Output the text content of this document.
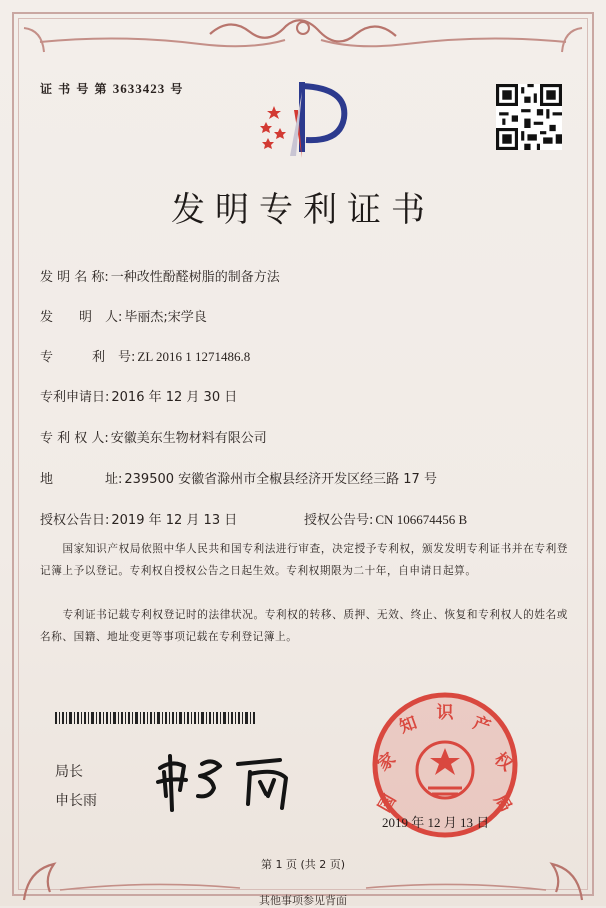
证 书 号 第 3633423 号
发明专利证书
发 明 名 称: 一种改性酚醛树脂的制备方法
发　　明　人: 毕丽杰;宋学良
专　　　利　号: ZL 2016 1 1271486.8
专利申请日: 2016 年 12 月 30 日
专 利 权 人: 安徽美东生物材料有限公司
地　　　　址: 239500 安徽省滁州市全椒县经济开发区经三路 17 号
授权公告日: 2019 年 12 月 13 日	授权公告号: CN 106674456 B
　　国家知识产权局依照中华人民共和国专利法进行审查，决定授予专利权，颁发发明专利证书并在专利登记簿上予以登记。专利权自授权公告之日起生效。专利权期限为二十年，自申请日起算。
　　专利证书记载专利权登记时的法律状况。专利权的转移、质押、无效、终止、恢复和专利权人的姓名或名称、国籍、地址变更等事项记载在专利登记簿上。
局长
申长雨	国
家
知 识 产
权
局
2019 年 12 月 13 日
第 1 页 (共 2 页)
其他事项参见背面
